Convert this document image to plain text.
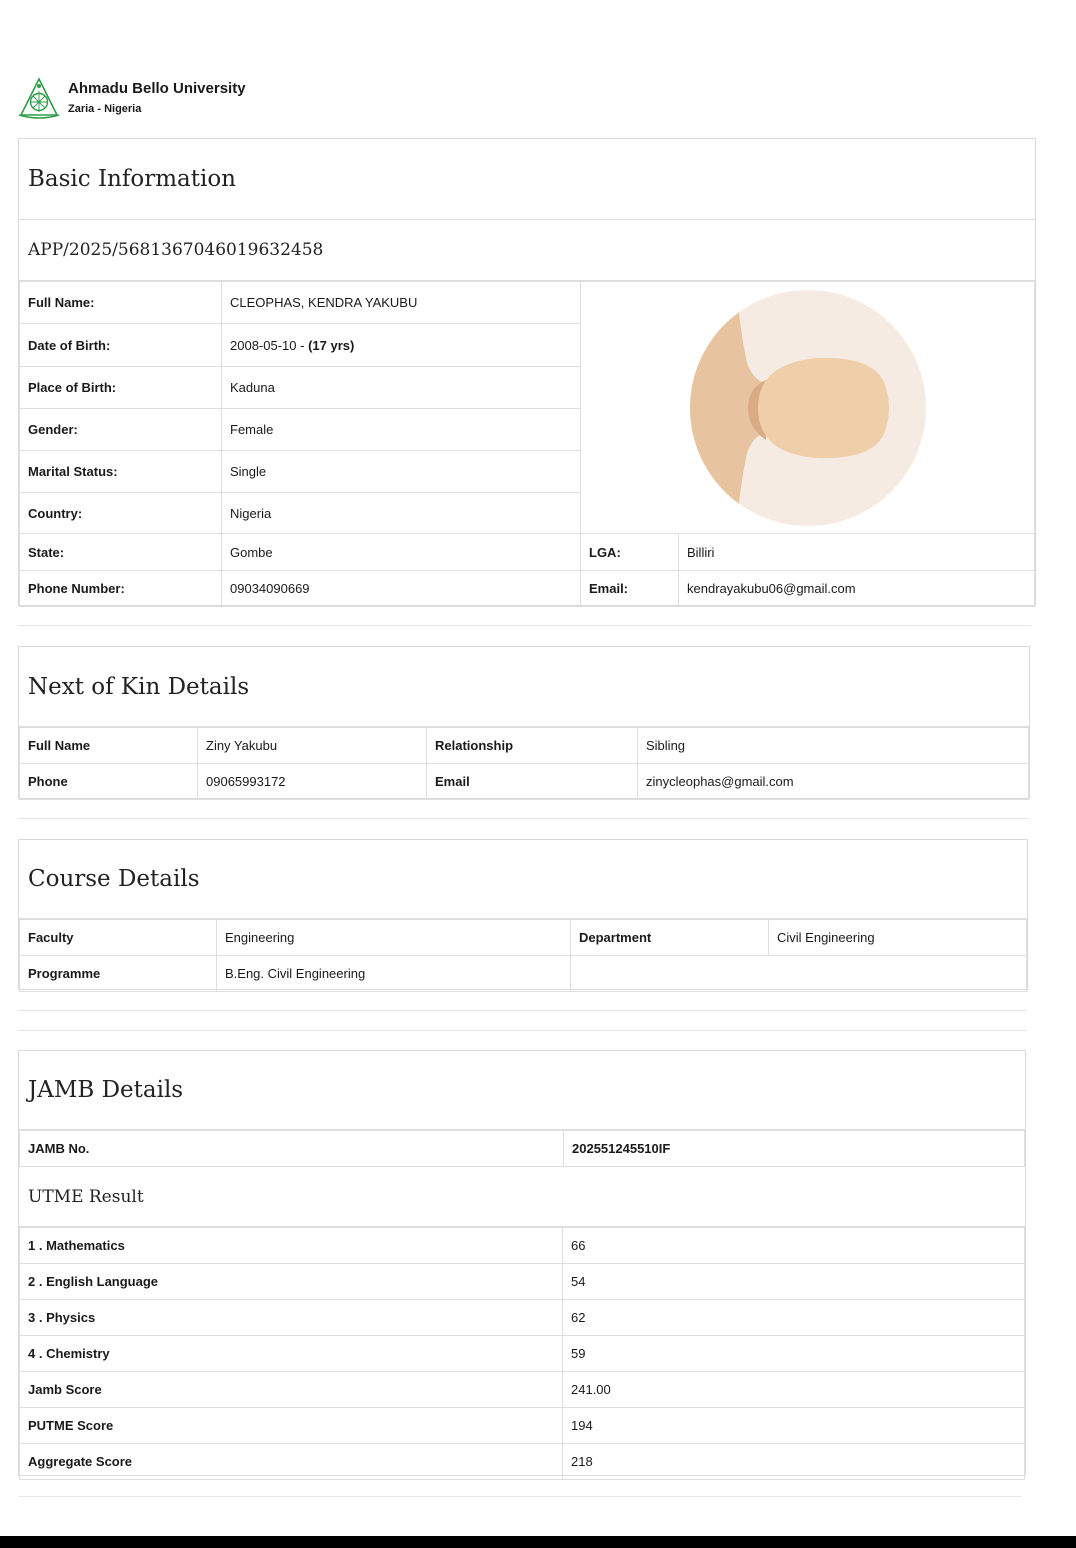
Ahmadu Bello University
Zaria - Nigeria
Basic Information
APP/2025/5681367046019632458
Full Name:	CLEOPHAS, KENDRA YAKUBU	

Date of Birth:	2008-05-10 - (17 yrs)		
Place of Birth:	Kaduna		
Gender:	Female		
Marital Status:	Single		
Country:	Nigeria		
State:	Gombe	LGA:	Billiri
Phone Number:	09034090669	Email:	kendrayakubu06@gmail.com
Next of Kin Details
Full Name	Ziny Yakubu	Relationship	Sibling
Phone	09065993172	Email	zinycleophas@gmail.com
Course Details
Faculty	Engineering	Department	Civil Engineering
Programme	B.Eng. Civil Engineering		
JAMB Details
JAMB No.	202551245510IF
UTME Result
1 . Mathematics	66
2 . English Language	54
3 . Physics	62
4 . Chemistry	59
Jamb Score	241.00
PUTME Score	194
Aggregate Score	218
